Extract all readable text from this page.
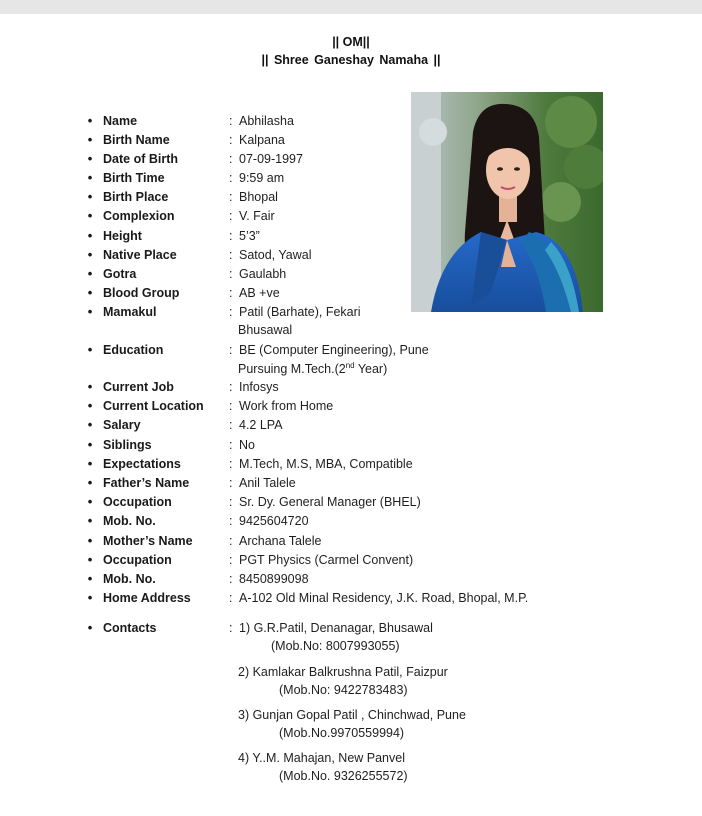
|| OM||
|| Shree Ganeshay Namaha ||
• Name	: Abhilasha
• Birth Name	: Kalpana
• Date of Birth	: 07-09-1997
• Birth Time	: 9:59 am
• Birth Place	: Bhopal
• Complexion	: V. Fair
• Height	: 5’3”
• Native Place	: Satod, Yawal
• Gotra	: Gaulabh
• Blood Group	: AB +ve
• Mamakul	: Patil (Barhate), Fekari
Bhusawal
• Education	: BE (Computer Engineering), Pune
Pursuing M.Tech.(2nd Year)
• Current Job	: Infosys
• Current Location : Work from Home
• Salary	: 4.2 LPA
• Siblings	: No
• Expectations	: M.Tech, M.S, MBA, Compatible
• Father’s Name	: Anil Talele
• Occupation	: Sr. Dy. General Manager (BHEL)
• Mob. No.	: 9425604720
• Mother’s Name	: Archana Talele
• Occupation	: PGT Physics (Carmel Convent)
• Mob. No.	: 8450899098
• Home Address	: A-102 Old Minal Residency, J.K. Road, Bhopal, M.P.
• Contacts	: 1) G.R.Patil, Denanagar, Bhusawal
(Mob.No: 8007993055)
2) Kamlakar Balkrushna Patil, Faizpur
(Mob.No: 9422783483)
3) Gunjan Gopal Patil , Chinchwad, Pune
(Mob.No.9970559994)
4) Y..M. Mahajan, New Panvel
(Mob.No. 9326255572)
